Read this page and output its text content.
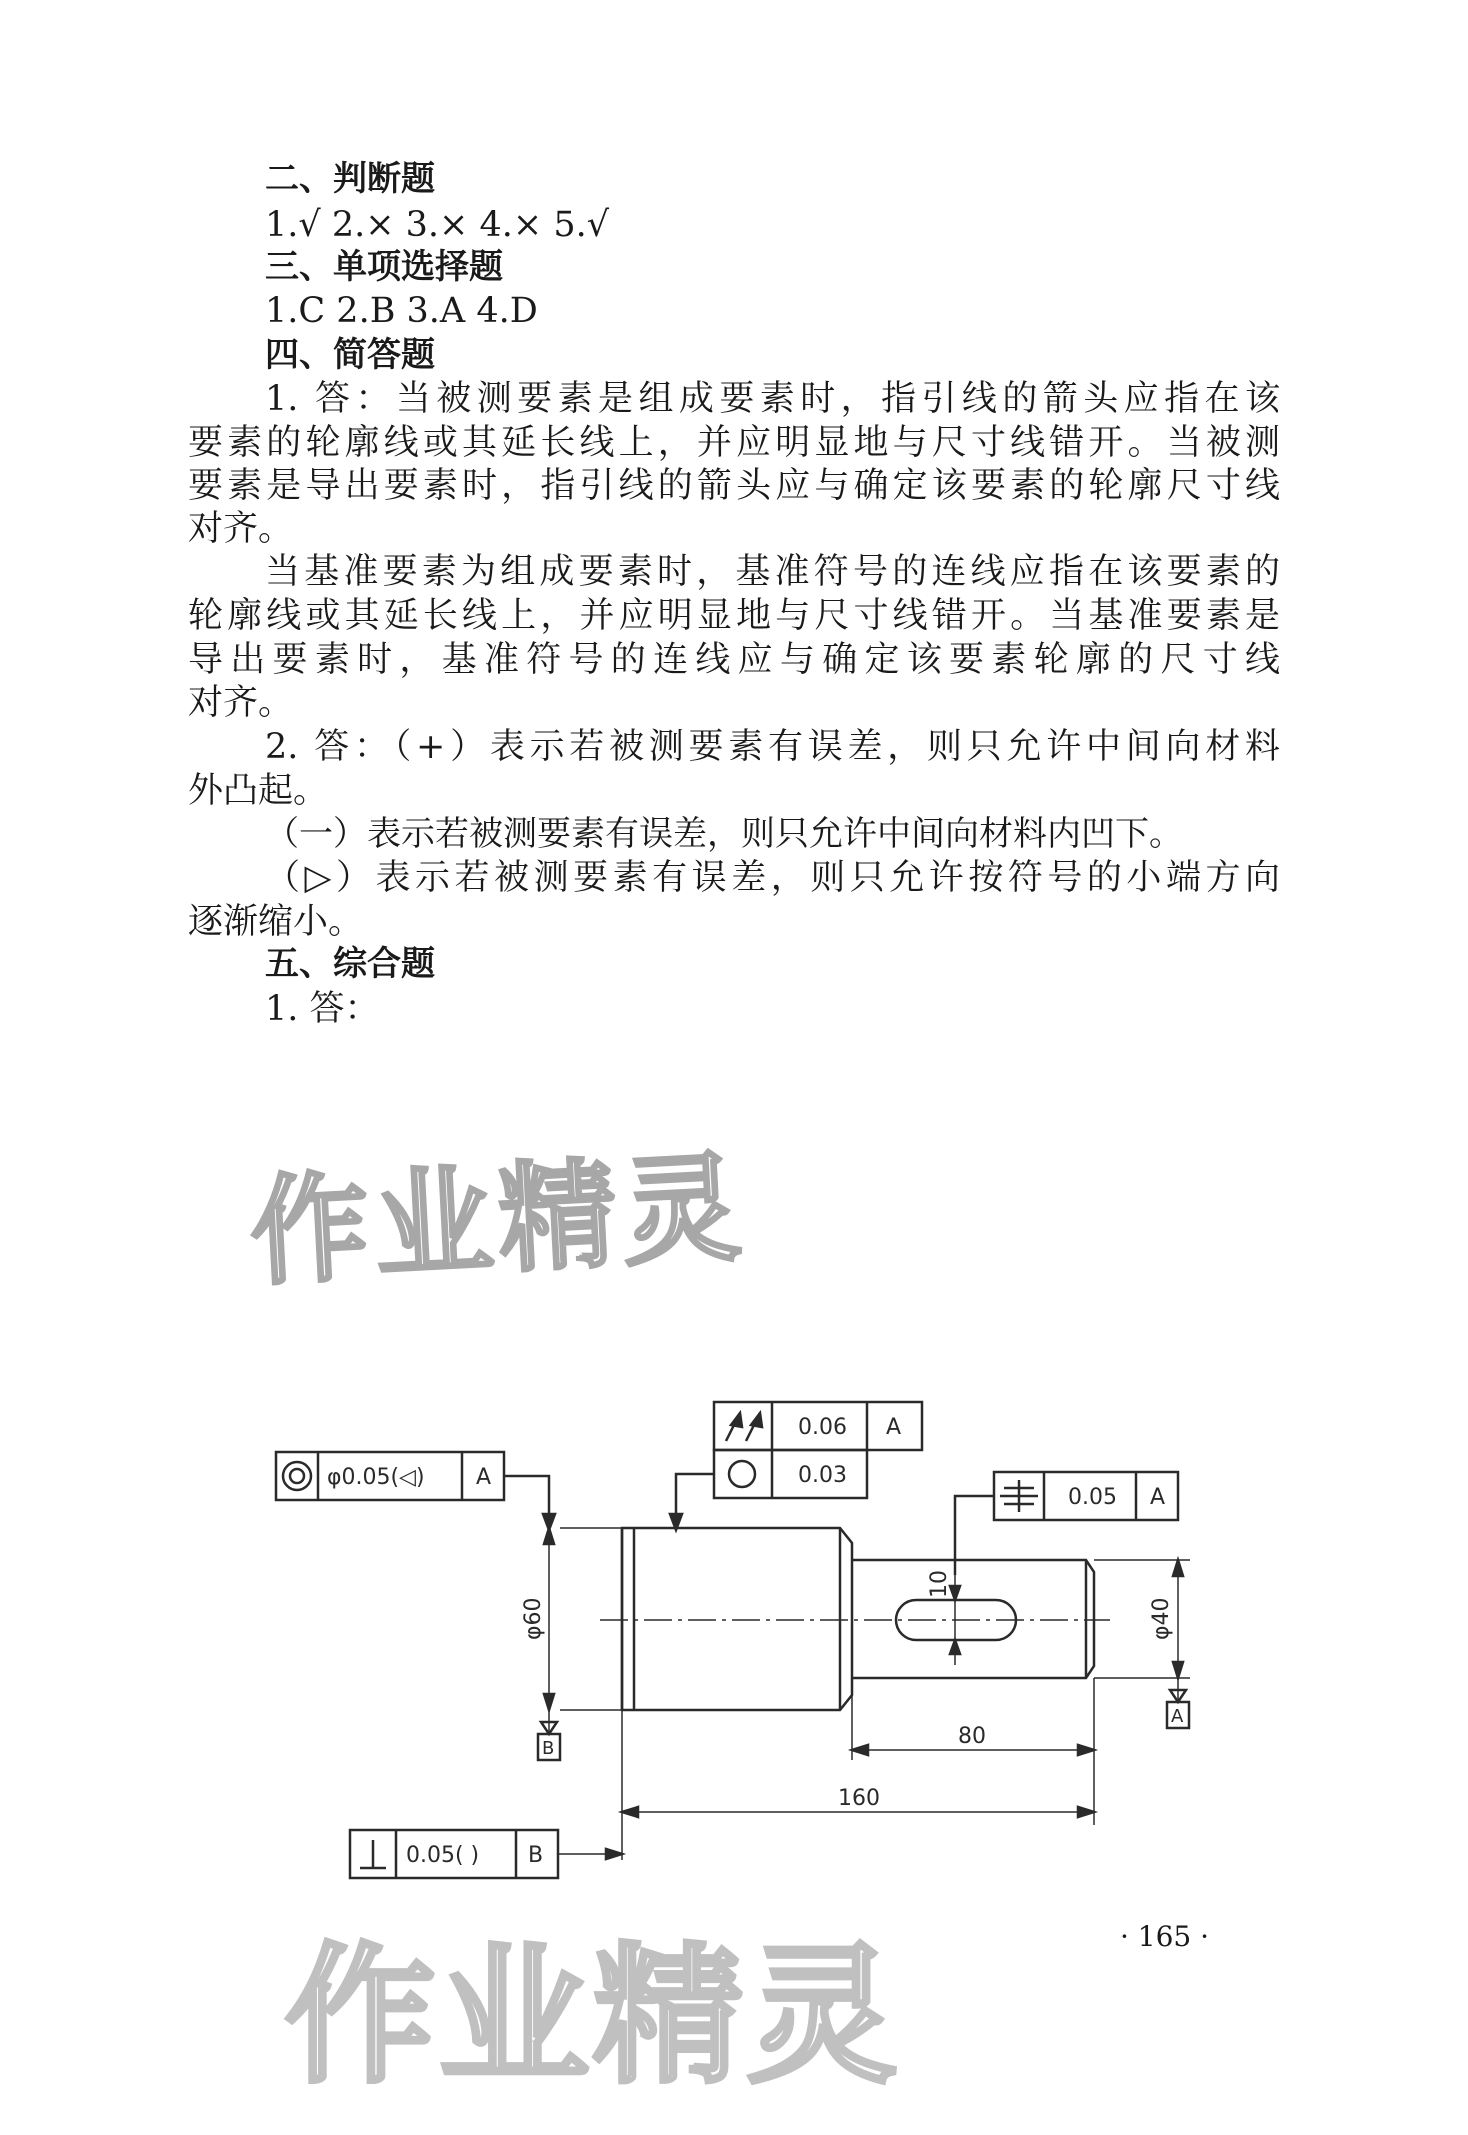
二、判断题
1.√ 2.× 3.× 4.× 5.√
三、单项选择题
1.C 2.B 3.A 4.D
四、简答题
1. 答：当被测要素是组成要素时，指引线的箭头应指在该
要素的轮廓线或其延长线上，并应明显地与尺寸线错开。当被测
要素是导出要素时，指引线的箭头应与确定该要素的轮廓尺寸线
对齐。
当基准要素为组成要素时，基准符号的连线应指在该要素的
轮廓线或其延长线上，并应明显地与尺寸线错开。当基准要素是
导出要素时，基准符号的连线应与确定该要素轮廓的尺寸线
对齐。
2. 答：（+）表示若被测要素有误差，则只允许中间向材料
外凸起。
（一）表示若被测要素有误差，则只允许中间向材料内凹下。
（▷）表示若被测要素有误差，则只允许按符号的小端方向
逐渐缩小。
五、综合题
1. 答：
φ0.05(◁) A
0.06 A
0.03
0.05 A
0.05( ) B
80
160
B
A
φ60	φ40
10
· 165 ·
作业精灵
作业精灵
